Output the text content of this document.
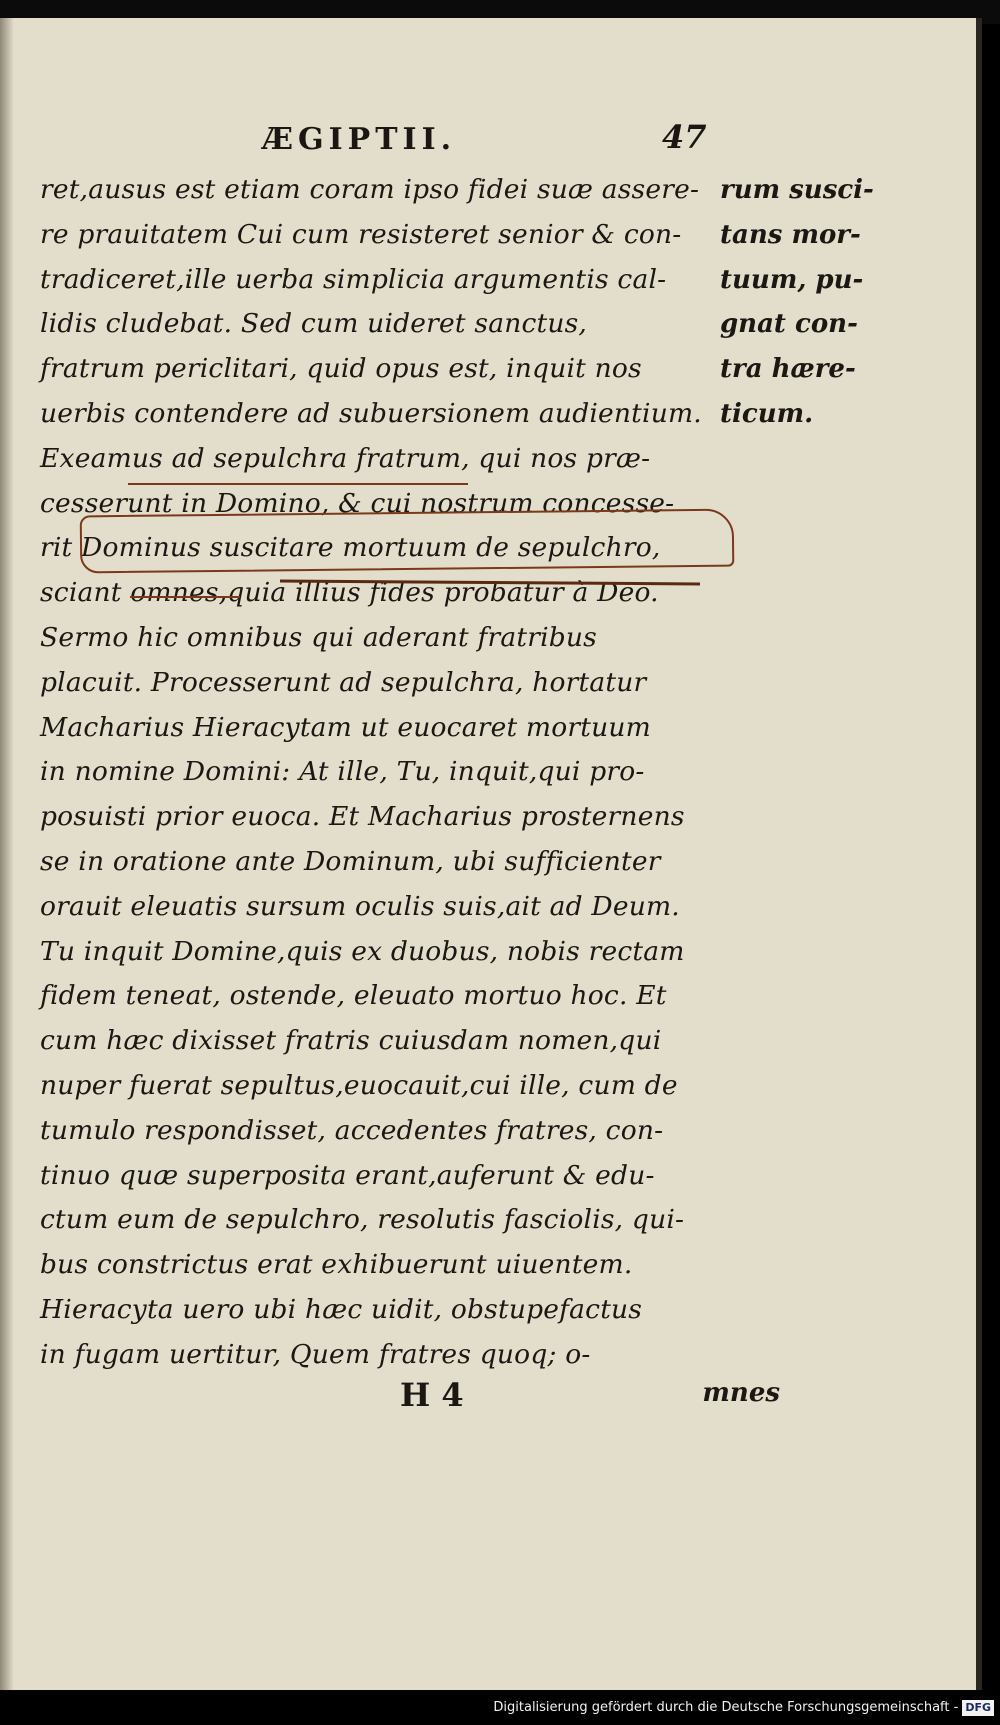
ÆGIPTII.	47
ret,ausus est etiam coram ipso fidei suæ assere-
re prauitatem Cui cum resisteret senior & con-
tradiceret,ille uerba simplicia argumentis cal-
lidis cludebat. Sed cum uideret sanctus,
fratrum periclitari, quid opus est, inquit nos
uerbis contendere ad subuersionem audientium.
Exeamus ad sepulchra fratrum, qui nos præ-
cesserunt in Domino, & cui nostrum concesse-
rit Dominus suscitare mortuum de sepulchro,
sciant omnes,quia illius fides probatur à Deo.
Sermo hic omnibus qui aderant fratribus
placuit. Processerunt ad sepulchra, hortatur
Macharius Hieracytam ut euocaret mortuum
in nomine Domini: At ille, Tu, inquit,qui pro-
posuisti prior euoca. Et Macharius prosternens
se in oratione ante Dominum, ubi sufficienter
orauit eleuatis sursum oculis suis,ait ad Deum.
Tu inquit Domine,quis ex duobus, nobis rectam
fidem teneat, ostende, eleuato mortuo hoc. Et
cum hæc dixisset fratris cuiusdam nomen,qui
nuper fuerat sepultus,euocauit,cui ille, cum de
tumulo respondisset, accedentes fratres, con-
tinuo quæ superposita erant,auferunt & edu-
ctum eum de sepulchro, resolutis fasciolis, qui-
bus constrictus erat exhibuerunt uiuentem.
Hieracyta uero ubi hæc uidit, obstupefactus
in fugam uertitur, Quem fratres quoq; o-
rum susci-
tans mor-
tuum, pu-
gnat con-
tra hære-
ticum.
H 4	mnes
Digitalisierung gefördert durch die Deutsche Forschungsgemeinschaft - DFG
